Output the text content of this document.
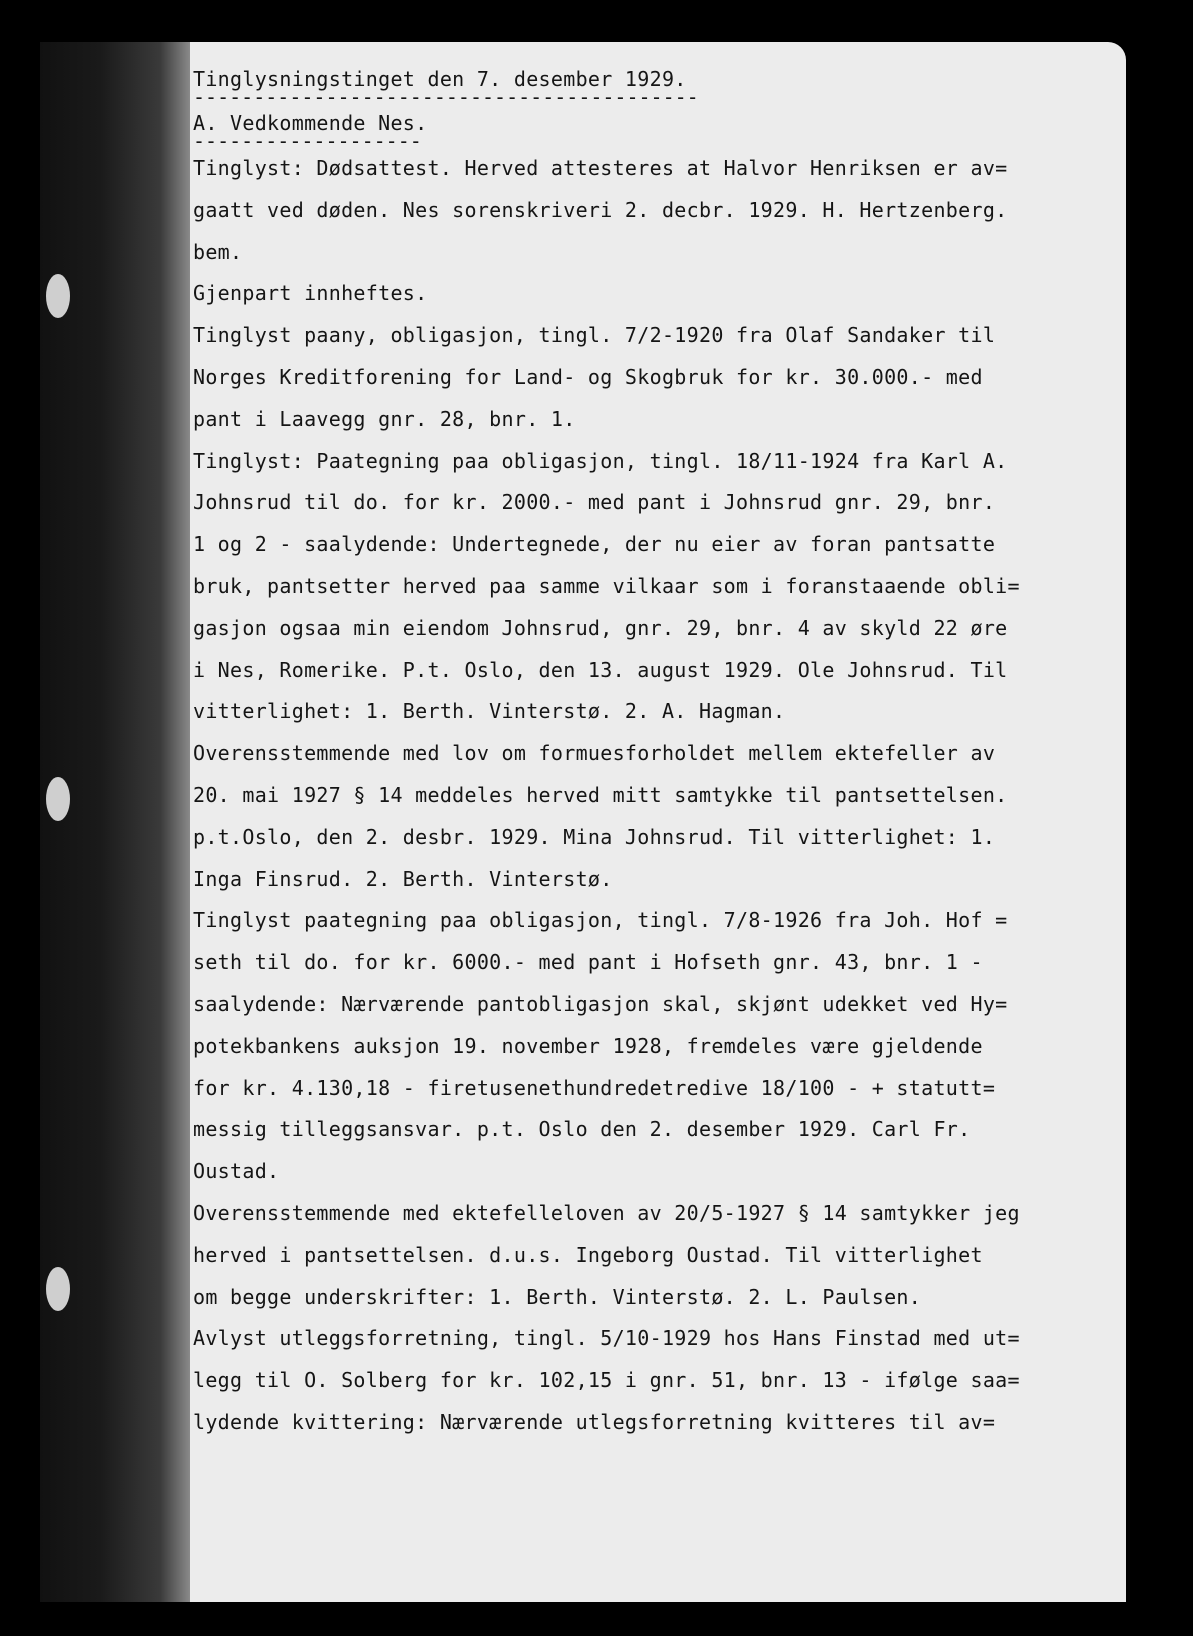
Tinglysningstinget den 7. desember 1929.
------------------------------------------
A. Vedkommende Nes.
-------------------
Tinglyst: Dødsattest. Herved attesteres at Halvor Henriksen er av=
gaatt ved døden. Nes sorenskriveri 2. decbr. 1929. H. Hertzenberg.
bem.
Gjenpart innheftes.
Tinglyst paany, obligasjon, tingl. 7/2-1920 fra Olaf Sandaker til
Norges Kreditforening for Land- og Skogbruk for kr. 30.000.- med
pant i Laavegg gnr. 28, bnr. 1.
Tinglyst: Paategning paa obligasjon, tingl. 18/11-1924 fra Karl A.
Johnsrud til do. for kr. 2000.- med pant i Johnsrud gnr. 29, bnr.
1 og 2 - saalydende: Undertegnede, der nu eier av foran pantsatte
bruk, pantsetter herved paa samme vilkaar som i foranstaaende obli=
gasjon ogsaa min eiendom Johnsrud, gnr. 29, bnr. 4 av skyld 22 øre
i Nes, Romerike. P.t. Oslo, den 13. august 1929. Ole Johnsrud. Til
vitterlighet: 1. Berth. Vinterstø. 2. A. Hagman.
Overensstemmende med lov om formuesforholdet mellem ektefeller av
20. mai 1927 § 14 meddeles herved mitt samtykke til pantsettelsen.
p.t.Oslo, den 2. desbr. 1929. Mina Johnsrud. Til vitterlighet: 1.
Inga Finsrud. 2. Berth. Vinterstø.
Tinglyst paategning paa obligasjon, tingl. 7/8-1926 fra Joh. Hof =
seth til do. for kr. 6000.- med pant i Hofseth gnr. 43, bnr. 1 -
saalydende: Nærværende pantobligasjon skal, skjønt udekket ved Hy=
potekbankens auksjon 19. november 1928, fremdeles være gjeldende
for kr. 4.130,18 - firetusenethundredetredive 18/100 - + statutt=
messig tilleggsansvar. p.t. Oslo den 2. desember 1929. Carl Fr.
Oustad.
Overensstemmende med ektefelleloven av 20/5-1927 § 14 samtykker jeg
herved i pantsettelsen. d.u.s. Ingeborg Oustad. Til vitterlighet
om begge underskrifter: 1. Berth. Vinterstø. 2. L. Paulsen.
Avlyst utleggsforretning, tingl. 5/10-1929 hos Hans Finstad med ut=
legg til O. Solberg for kr. 102,15 i gnr. 51, bnr. 13 - ifølge saa=
lydende kvittering: Nærværende utlegsforretning kvitteres til av=
